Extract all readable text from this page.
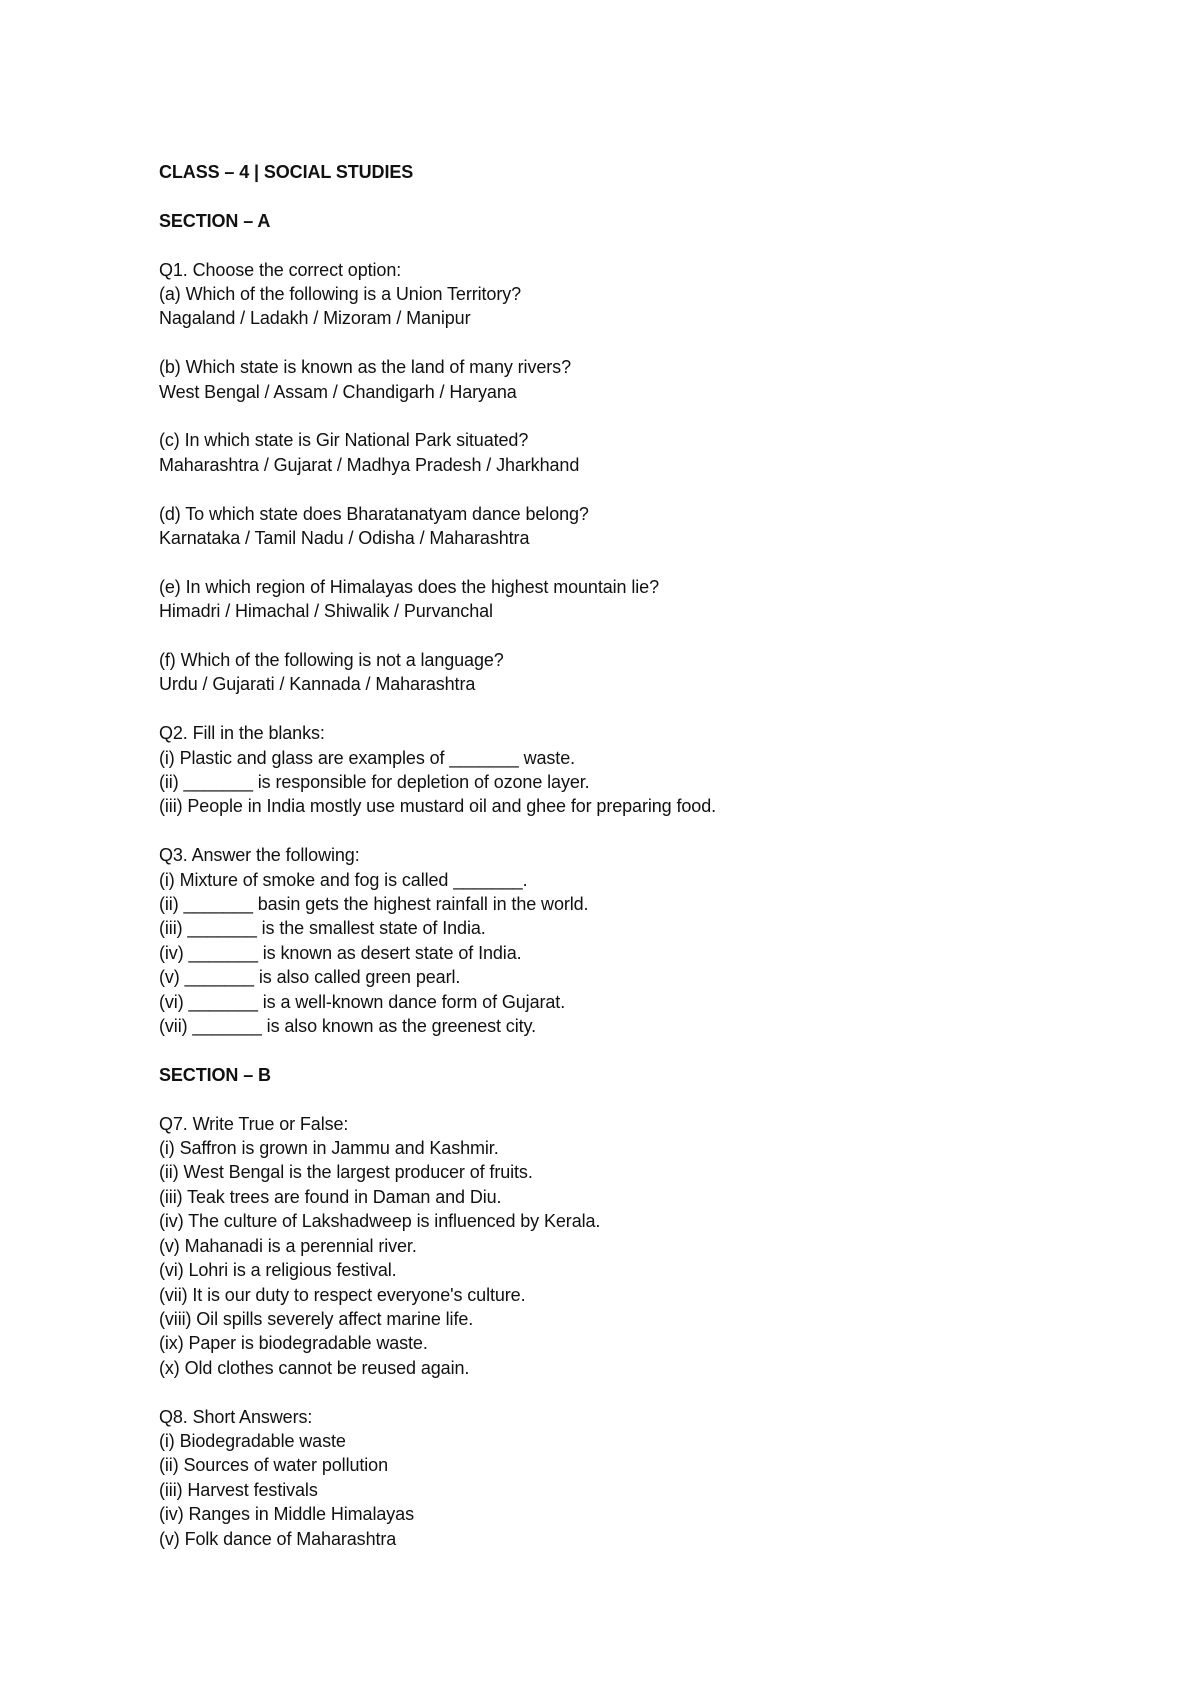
CLASS – 4 | SOCIAL STUDIES
SECTION – A
Q1. Choose the correct option:
(a) Which of the following is a Union Territory?
Nagaland / Ladakh / Mizoram / Manipur
(b) Which state is known as the land of many rivers?
West Bengal / Assam / Chandigarh / Haryana
(c) In which state is Gir National Park situated?
Maharashtra / Gujarat / Madhya Pradesh / Jharkhand
(d) To which state does Bharatanatyam dance belong?
Karnataka / Tamil Nadu / Odisha / Maharashtra
(e) In which region of Himalayas does the highest mountain lie?
Himadri / Himachal / Shiwalik / Purvanchal
(f) Which of the following is not a language?
Urdu / Gujarati / Kannada / Maharashtra
Q2. Fill in the blanks:
(i) Plastic and glass are examples of _______ waste.
(ii) _______ is responsible for depletion of ozone layer.
(iii) People in India mostly use mustard oil and ghee for preparing food.
Q3. Answer the following:
(i) Mixture of smoke and fog is called _______.
(ii) _______ basin gets the highest rainfall in the world.
(iii) _______ is the smallest state of India.
(iv) _______ is known as desert state of India.
(v) _______ is also called green pearl.
(vi) _______ is a well-known dance form of Gujarat.
(vii) _______ is also known as the greenest city.
SECTION – B
Q7. Write True or False:
(i) Saffron is grown in Jammu and Kashmir.
(ii) West Bengal is the largest producer of fruits.
(iii) Teak trees are found in Daman and Diu.
(iv) The culture of Lakshadweep is influenced by Kerala.
(v) Mahanadi is a perennial river.
(vi) Lohri is a religious festival.
(vii) It is our duty to respect everyone's culture.
(viii) Oil spills severely affect marine life.
(ix) Paper is biodegradable waste.
(x) Old clothes cannot be reused again.
Q8. Short Answers:
(i) Biodegradable waste
(ii) Sources of water pollution
(iii) Harvest festivals
(iv) Ranges in Middle Himalayas
(v) Folk dance of Maharashtra
